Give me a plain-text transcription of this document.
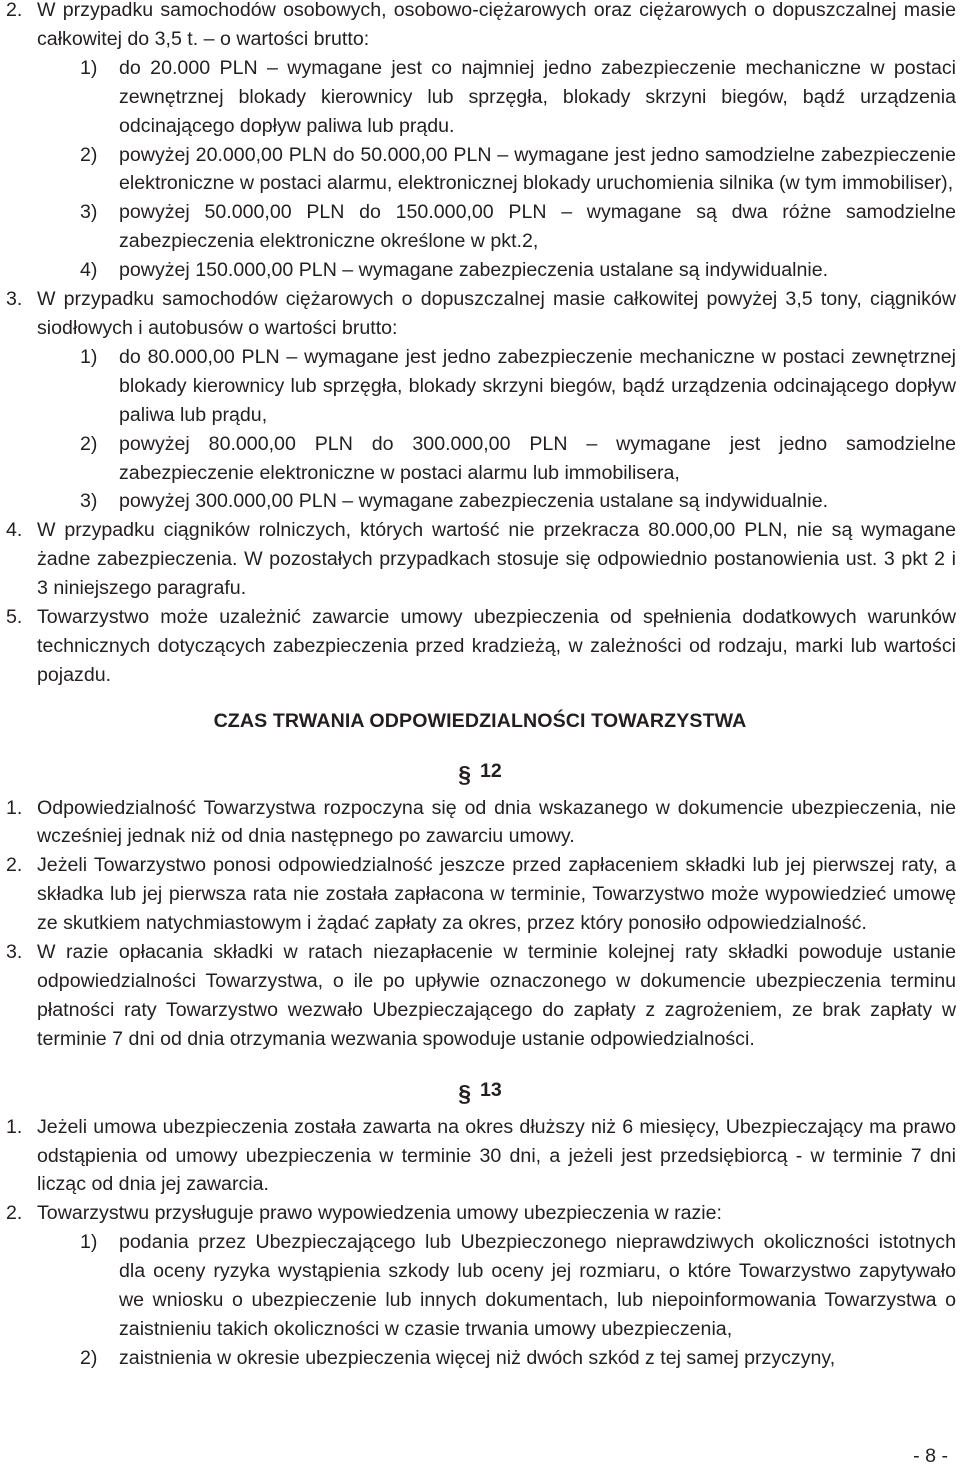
2. W przypadku samochodów osobowych, osobowo-ciężarowych oraz ciężarowych o dopuszczalnej masie całkowitej do 3,5 t. – o wartości brutto:
1) do 20.000 PLN – wymagane jest co najmniej jedno zabezpieczenie mechaniczne w postaci zewnętrznej blokady kierownicy lub sprzęgła, blokady skrzyni biegów, bądź urządzenia odcinającego dopływ paliwa lub prądu.
2) powyżej 20.000,00 PLN do 50.000,00 PLN – wymagane jest jedno samodzielne zabezpieczenie elektroniczne w postaci alarmu, elektronicznej blokady uruchomienia silnika (w tym immobiliser),
3) powyżej 50.000,00 PLN do 150.000,00 PLN – wymagane są dwa różne samodzielne zabezpieczenia elektroniczne określone w pkt.2,
4) powyżej 150.000,00 PLN – wymagane zabezpieczenia ustalane są indywidualnie.
3. W przypadku samochodów ciężarowych o dopuszczalnej masie całkowitej powyżej 3,5 tony, ciągników siodłowych i autobusów o wartości brutto:
1) do 80.000,00 PLN – wymagane jest jedno zabezpieczenie mechaniczne w postaci zewnętrznej blokady kierownicy lub sprzęgła, blokady skrzyni biegów, bądź urządzenia odcinającego dopływ paliwa lub prądu,
2) powyżej 80.000,00 PLN do 300.000,00 PLN – wymagane jest jedno samodzielne zabezpieczenie elektroniczne w postaci alarmu lub immobilisera,
3) powyżej 300.000,00 PLN – wymagane zabezpieczenia ustalane są indywidualnie.
4. W przypadku ciągników rolniczych, których wartość nie przekracza 80.000,00 PLN, nie są wymagane żadne zabezpieczenia. W pozostałych przypadkach stosuje się odpowiednio postanowienia ust. 3 pkt 2 i 3 niniejszego paragrafu.
5. Towarzystwo może uzależnić zawarcie umowy ubezpieczenia od spełnienia dodatkowych warunków technicznych dotyczących zabezpieczenia przed kradzieżą, w zależności od rodzaju, marki lub wartości pojazdu.
CZAS TRWANIA ODPOWIEDZIALNOŚCI TOWARZYSTWA
§ 12
1. Odpowiedzialność Towarzystwa rozpoczyna się od dnia wskazanego w dokumencie ubezpieczenia, nie wcześniej jednak niż od dnia następnego po zawarciu umowy.
2. Jeżeli Towarzystwo ponosi odpowiedzialność jeszcze przed zapłaceniem składki lub jej pierwszej raty, a składka lub jej pierwsza rata nie została zapłacona w terminie, Towarzystwo może wypowiedzieć umowę ze skutkiem natychmiastowym i żądać zapłaty za okres, przez który ponosiło odpowiedzialność.
3. W razie opłacania składki w ratach niezapłacenie w terminie kolejnej raty składki powoduje ustanie odpowiedzialności Towarzystwa, o ile po upływie oznaczonego w dokumencie ubezpieczenia terminu płatności raty Towarzystwo wezwało Ubezpieczającego do zapłaty z zagrożeniem, ze brak zapłaty w terminie 7 dni od dnia otrzymania wezwania spowoduje ustanie odpowiedzialności.
§ 13
1. Jeżeli umowa ubezpieczenia została zawarta na okres dłuższy niż 6 miesięcy, Ubezpieczający ma prawo odstąpienia od umowy ubezpieczenia w terminie 30 dni, a jeżeli jest przedsiębiorcą - w terminie 7 dni licząc od dnia jej zawarcia.
2. Towarzystwu przysługuje prawo wypowiedzenia umowy ubezpieczenia w razie:
1) podania przez Ubezpieczającego lub Ubezpieczonego nieprawdziwych okoliczności istotnych dla oceny ryzyka wystąpienia szkody lub oceny jej rozmiaru, o które Towarzystwo zapytywało we wniosku o ubezpieczenie lub innych dokumentach, lub niepoinformowania Towarzystwa o zaistnieniu takich okoliczności w czasie trwania umowy ubezpieczenia,
2) zaistnienia w okresie ubezpieczenia więcej niż dwóch szkód z tej samej przyczyny,
- 8 -
